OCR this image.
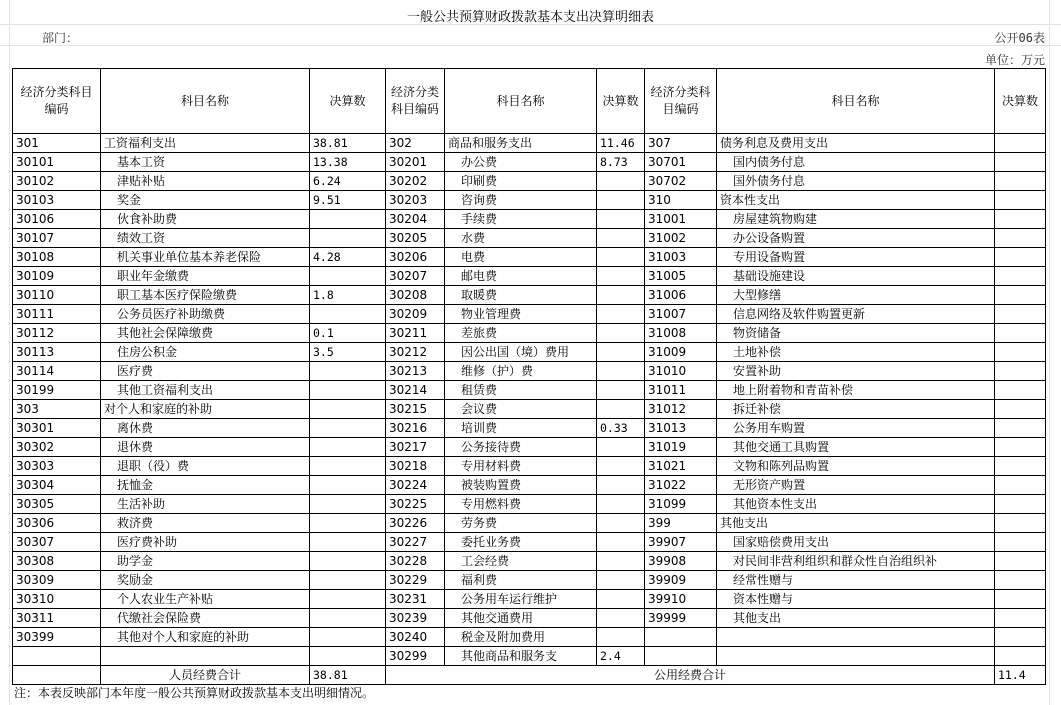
一般公共预算财政拨款基本支出决算明细表
部门：	公开06表
单位：万元
经济分类科目编码	科目名称	决算数	经济分类科目编码	科目名称	决算数	经济分类科目编码	科目名称	决算数
301	工资福利支出	38.81	302	商品和服务支出	11.46	307	债务利息及费用支出	
30101	基本工资	13.38	30201	办公费	8.73	30701	国内债务付息	
30102	津贴补贴	6.24	30202	印刷费		30702	国外债务付息	
30103	奖金	9.51	30203	咨询费		310	资本性支出	
30106	伙食补助费		30204	手续费		31001	房屋建筑物购建	
30107	绩效工资		30205	水费		31002	办公设备购置	
30108	机关事业单位基本养老保险	4.28	30206	电费		31003	专用设备购置	
30109	职业年金缴费		30207	邮电费		31005	基础设施建设	
30110	职工基本医疗保险缴费	1.8	30208	取暖费		31006	大型修缮	
30111	公务员医疗补助缴费		30209	物业管理费		31007	信息网络及软件购置更新	
30112	其他社会保障缴费	0.1	30211	差旅费		31008	物资储备	
30113	住房公积金	3.5	30212	因公出国（境）费用		31009	土地补偿	
30114	医疗费		30213	维修（护）费		31010	安置补助	
30199	其他工资福利支出		30214	租赁费		31011	地上附着物和青苗补偿	
303	对个人和家庭的补助		30215	会议费		31012	拆迁补偿	
30301	离休费		30216	培训费	0.33	31013	公务用车购置	
30302	退休费		30217	公务接待费		31019	其他交通工具购置	
30303	退职（役）费		30218	专用材料费		31021	文物和陈列品购置	
30304	抚恤金		30224	被装购置费		31022	无形资产购置	
30305	生活补助		30225	专用燃料费		31099	其他资本性支出	
30306	救济费		30226	劳务费		399	其他支出	
30307	医疗费补助		30227	委托业务费		39907	国家赔偿费用支出	
30308	助学金		30228	工会经费		39908	对民间非营利组织和群众性自治组织补	
30309	奖励金		30229	福利费		39909	经常性赠与	
30310	个人农业生产补贴		30231	公务用车运行维护		39910	资本性赠与	
30311	代缴社会保险费		30239	其他交通费用		39999	其他支出	
30399	其他对个人和家庭的补助		30240	税金及附加费用				
			30299	其他商品和服务支	2.4			
	人员经费合计	38.81	公用经费合计					11.4
注：本表反映部门本年度一般公共预算财政拨款基本支出明细情况。
